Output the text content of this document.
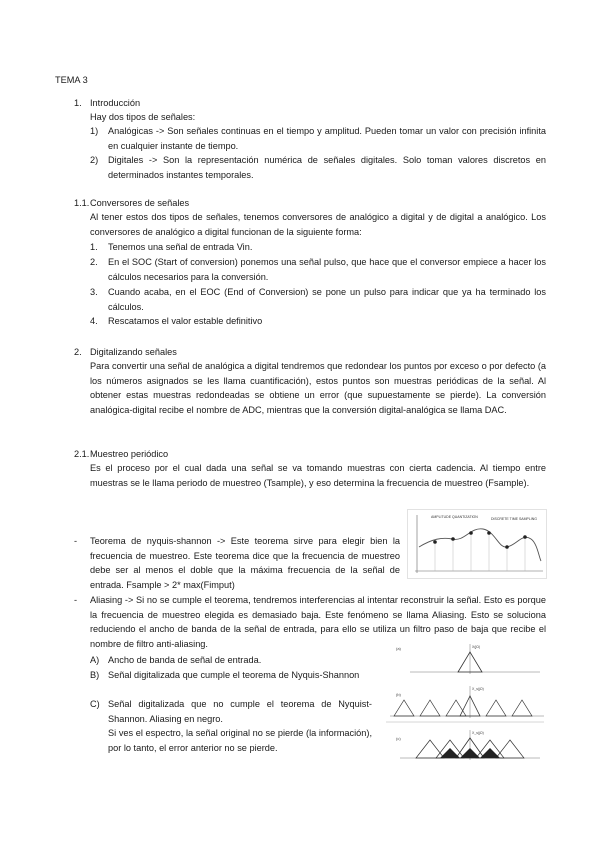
TEMA 3
1. Introducción
Hay dos tipos de señales:
1) Analógicas -> Son señales continuas en el tiempo y amplitud. Pueden tomar un valor con precisión infinita en cualquier instante de tiempo.
2) Digitales -> Son la representación numérica de señales digitales. Solo toman valores discretos en determinados instantes temporales.
1.1. Conversores de señales
Al tener estos dos tipos de señales, tenemos conversores de analógico a digital y de digital a analógico. Los conversores de analógico a digital funcionan de la siguiente forma:
1. Tenemos una señal de entrada Vin.
2. En el SOC (Start of conversion) ponemos una señal pulso, que hace que el conversor empiece a hacer los cálculos necesarios para la conversión.
3. Cuando acaba, en el EOC (End of Conversion) se pone un pulso para indicar que ya ha terminado los cálculos.
4. Rescatamos el valor estable definitivo
2. Digitalizando señales
Para convertir una señal de analógica a digital tendremos que redondear los puntos por exceso o por defecto (a los números asignados se les llama cuantificación), estos puntos son muestras periódicas de la señal. Al obtener estas muestras redondeadas se obtiene un error (que supuestamente se pierde). La conversión analógica-digital recibe el nombre de ADC, mientras que la conversión digital-analógica se llama DAC.
2.1. Muestreo periódico
Es el proceso por el cual dada una señal se va tomando muestras con cierta cadencia. Al tiempo entre muestras se le llama periodo de muestreo (Tsample), y eso determina la frecuencia de muestreo (Fsample).
AMPLITUDE QUANTIZATION	DISCRETE TIME SAMPLING
- Teorema de nyquis-shannon -> Este teorema sirve para elegir bien la frecuencia de muestreo. Este teorema dice que la frecuencia de muestreo debe ser al menos el doble que la máxima frecuencia de la señal de entrada. Fsample > 2* max(Fimput)
- Aliasing -> Si no se cumple el teorema, tendremos interferencias al intentar reconstruir la señal. Esto es porque la frecuencia de muestreo elegida es demasiado baja. Este fenómeno se llama Aliasing. Esto se soluciona reduciendo el ancho de banda de la señal de entrada, para ello se utiliza un filtro paso de baja que recibe el nombre de filtro anti-aliasing.
A) Ancho de banda de señal de entrada.
B) Señal digitalizada que cumple el teorema de Nyquis-Shannon
C) Señal digitalizada que no cumple el teorema de Nyquist-Shannon. Aliasing en negro.
Si ves el espectro, la señal original no se pierde (la información), por lo tanto, el error anterior no se pierde.
(a)	X(jΩ)
(b)
X_s(jΩ)
(c)
X_s(jΩ)
